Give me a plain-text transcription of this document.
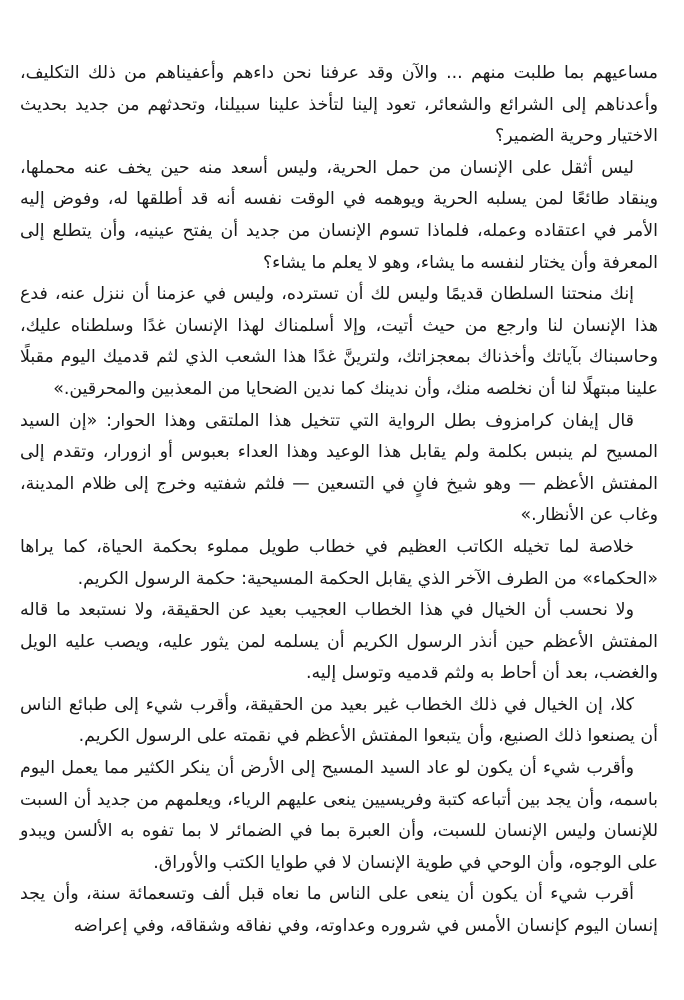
مساعيهم بما طلبت منهم ... والآن وقد عرفنا نحن داءهم وأعفيناهم من ذلك التكليف، وأعدناهم إلى الشرائع والشعائر، تعود إلينا لتأخذ علينا سبيلنا، وتحدثهم من جديد بحديث الاختيار وحرية الضمير؟

ليس أثقل على الإنسان من حمل الحرية، وليس أسعد منه حين يخف عنه محملها، وينقاد طائعًا لمن يسلبه الحرية ويوهمه في الوقت نفسه أنه قد أطلقها له، وفوض إليه الأمر في اعتقاده وعمله، فلماذا تسوم الإنسان من جديد أن يفتح عينيه، وأن يتطلع إلى المعرفة وأن يختار لنفسه ما يشاء، وهو لا يعلم ما يشاء؟

إنك منحتنا السلطان قديمًا وليس لك أن تسترده، وليس في عزمنا أن ننزل عنه، فدع هذا الإنسان لنا وارجع من حيث أتيت، وإلا أسلمناك لهذا الإنسان غدًا وسلطناه عليك، وحاسبناك بآياتك وأخذناك بمعجزاتك، ولترينَّ غدًا هذا الشعب الذي لثم قدميك اليوم مقبلًا علينا مبتهلًا لنا أن نخلصه منك، وأن ندينك كما ندين الضحايا من المعذبين والمحرقين.»

قال إيفان كرامزوف بطل الرواية التي تتخيل هذا الملتقى وهذا الحوار: «إن السيد المسيح لم ينبس بكلمة ولم يقابل هذا الوعيد وهذا العداء بعبوس أو ازورار، وتقدم إلى المفتش الأعظم — وهو شيخ فانٍ في التسعين — فلثم شفتيه وخرج إلى ظلام المدينة، وغاب عن الأنظار.»

خلاصة لما تخيله الكاتب العظيم في خطاب طويل مملوء بحكمة الحياة، كما يراها «الحكماء» من الطرف الآخر الذي يقابل الحكمة المسيحية: حكمة الرسول الكريم.

ولا نحسب أن الخيال في هذا الخطاب العجيب بعيد عن الحقيقة، ولا نستبعد ما قاله المفتش الأعظم حين أنذر الرسول الكريم أن يسلمه لمن يثور عليه، ويصب عليه الويل والغضب، بعد أن أحاط به ولثم قدميه وتوسل إليه.

كلا، إن الخيال في ذلك الخطاب غير بعيد من الحقيقة، وأقرب شيء إلى طبائع الناس أن يصنعوا ذلك الصنيع، وأن يتبعوا المفتش الأعظم في نقمته على الرسول الكريم.

وأقرب شيء أن يكون لو عاد السيد المسيح إلى الأرض أن ينكر الكثير مما يعمل اليوم باسمه، وأن يجد بين أتباعه كتبة وفريسيين ينعى عليهم الرياء، ويعلمهم من جديد أن السبت للإنسان وليس الإنسان للسبت، وأن العبرة بما في الضمائر لا بما تفوه به الألسن ويبدو على الوجوه، وأن الوحي في طوية الإنسان لا في طوايا الكتب والأوراق.

أقرب شيء أن يكون أن ينعى على الناس ما نعاه قبل ألف وتسعمائة سنة، وأن يجد إنسان اليوم كإنسان الأمس في شروره وعداوته، وفي نفاقه وشقاقه، وفي إعراضه
